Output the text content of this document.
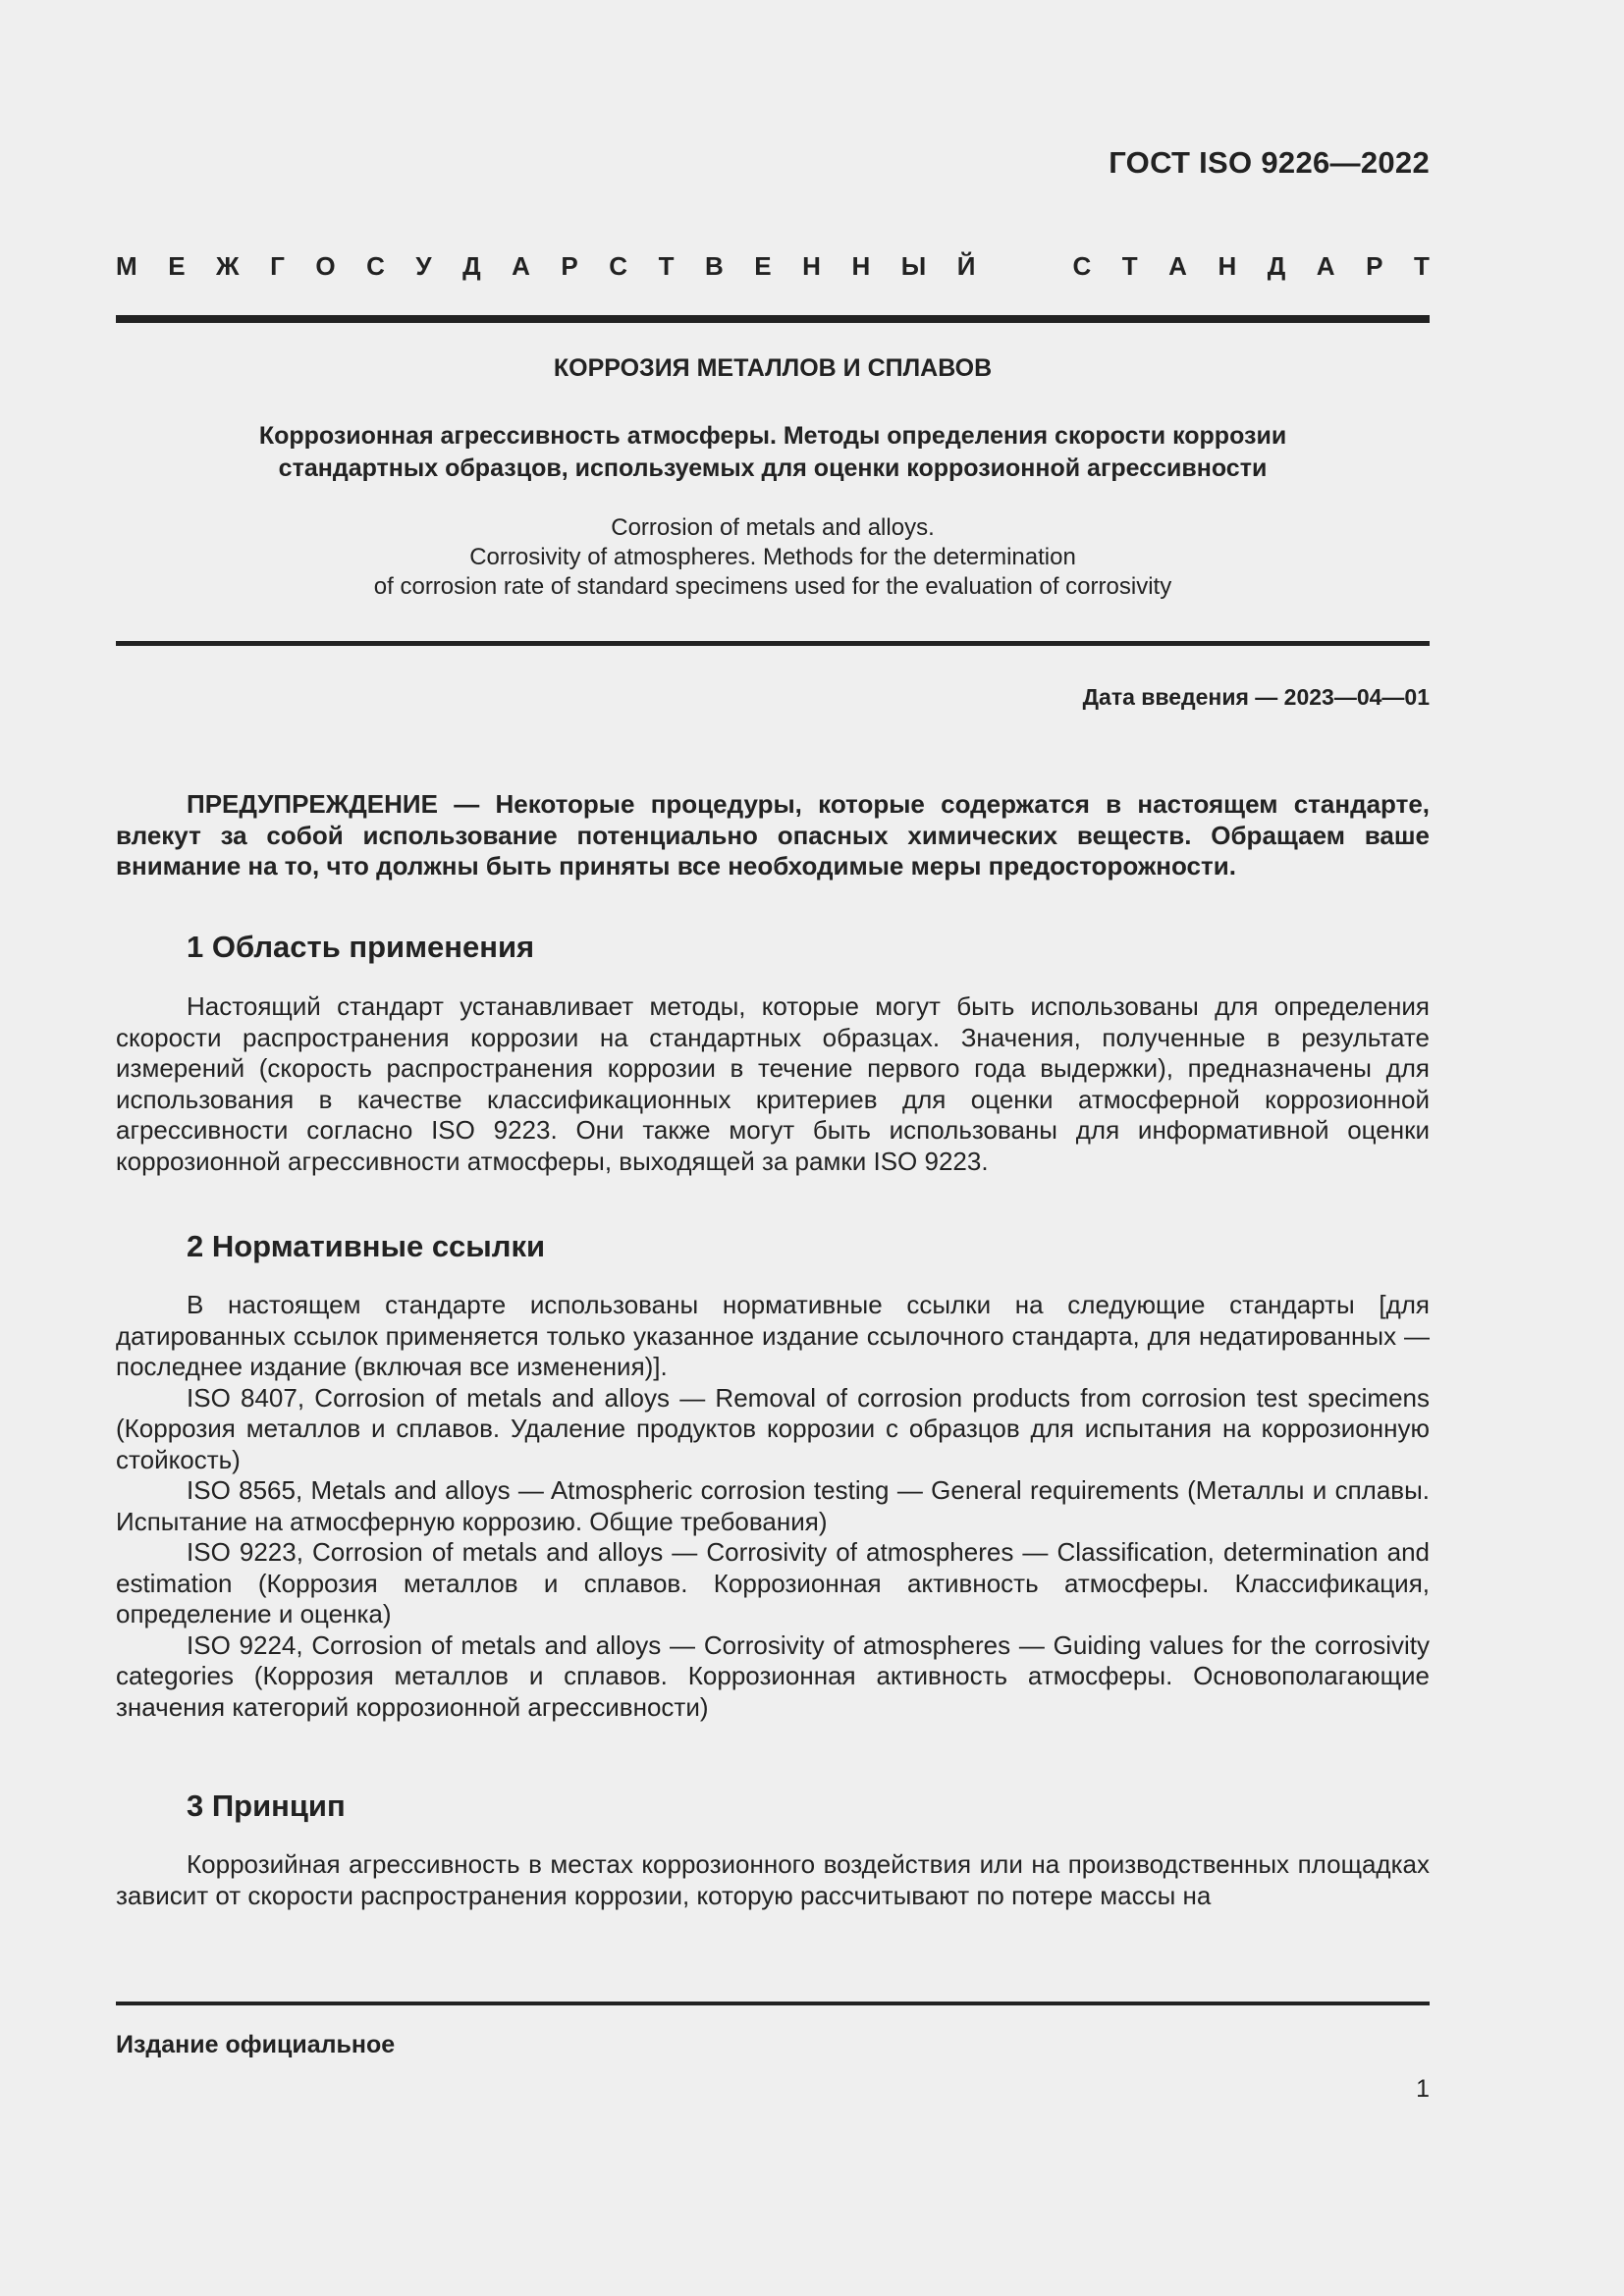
ГОСТ ISO 9226—2022
М Е Ж Г О С У Д А Р С Т В Е Н Н Ы Й	С Т А Н Д А Р Т
КОРРОЗИЯ МЕТАЛЛОВ И СПЛАВОВ
Коррозионная агрессивность атмосферы. Методы определения скорости коррозии
стандартных образцов, используемых для оценки коррозионной агрессивности
Corrosion of metals and alloys.
Corrosivity of atmospheres. Methods for the determination
of corrosion rate of standard specimens used for the evaluation of corrosivity
Дата введения — 2023—04—01

ПРЕДУПРЕЖДЕНИЕ — Некоторые процедуры, которые содержатся в настоящем стандарте, влекут за собой использование потенциально опасных химических веществ. Обращаем ваше внимание на то, что должны быть приняты все необходимые меры предосторожности.

1 Область применения

Настоящий стандарт устанавливает методы, которые могут быть использованы для определения скорости распространения коррозии на стандартных образцах. Значения, полученные в результате измерений (скорость распространения коррозии в течение первого года выдержки), предназначены для использования в качестве классификационных критериев для оценки атмосферной коррозионной агрессивности согласно ISO 9223. Они также могут быть использованы для информативной оценки коррозионной агрессивности атмосферы, выходящей за рамки ISO 9223.

2 Нормативные ссылки

В настоящем стандарте использованы нормативные ссылки на следующие стандарты [для датированных ссылок применяется только указанное издание ссылочного стандарта, для недатированных — последнее издание (включая все изменения)].

ISO 8407, Corrosion of metals and alloys — Removal of corrosion products from corrosion test specimens (Коррозия металлов и сплавов. Удаление продуктов коррозии с образцов для испытания на коррозионную стойкость)

ISO 8565, Metals and alloys — Atmospheric corrosion testing — General requirements (Металлы и сплавы. Испытание на атмосферную коррозию. Общие требования)

ISO 9223, Corrosion of metals and alloys — Corrosivity of atmospheres — Classification, determination and estimation (Коррозия металлов и сплавов. Коррозионная активность атмосферы. Классификация, определение и оценка)

ISO 9224, Corrosion of metals and alloys — Corrosivity of atmospheres — Guiding values for the corrosivity categories (Коррозия металлов и сплавов. Коррозионная активность атмосферы. Основополагающие значения категорий коррозионной агрессивности)

3 Принцип

Коррозийная агрессивность в местах коррозионного воздействия или на производственных площадках зависит от скорости распространения коррозии, которую рассчитывают по потере массы на

Издание официальное
1
